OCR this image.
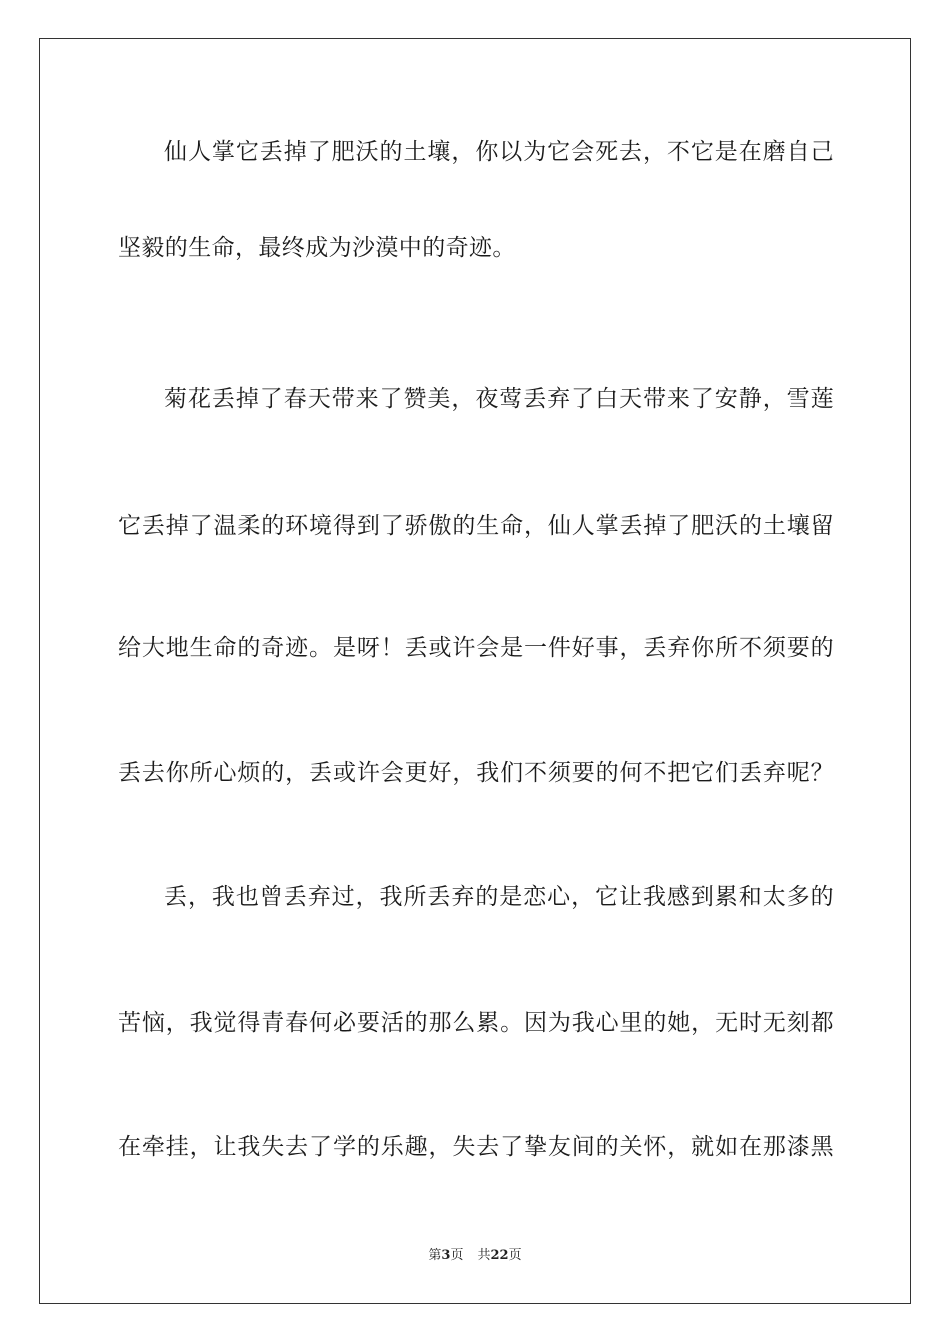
仙人掌它丢掉了肥沃的土壤，你以为它会死去，不它是在磨自己
坚毅的生命，最终成为沙漠中的奇迹。
菊花丢掉了春天带来了赞美，夜莺丢弃了白天带来了安静，雪莲
它丢掉了温柔的环境得到了骄傲的生命，仙人掌丢掉了肥沃的土壤留
给大地生命的奇迹。是呀！丢或许会是一件好事，丢弃你所不须要的
丢去你所心烦的，丢或许会更好，我们不须要的何不把它们丢弃呢？
丢，我也曾丢弃过，我所丢弃的是恋心，它让我感到累和太多的
苦恼，我觉得青春何必要活的那么累。因为我心里的她，无时无刻都
在牵挂，让我失去了学的乐趣，失去了挚友间的关怀，就如在那漆黑
第3页 共22页
